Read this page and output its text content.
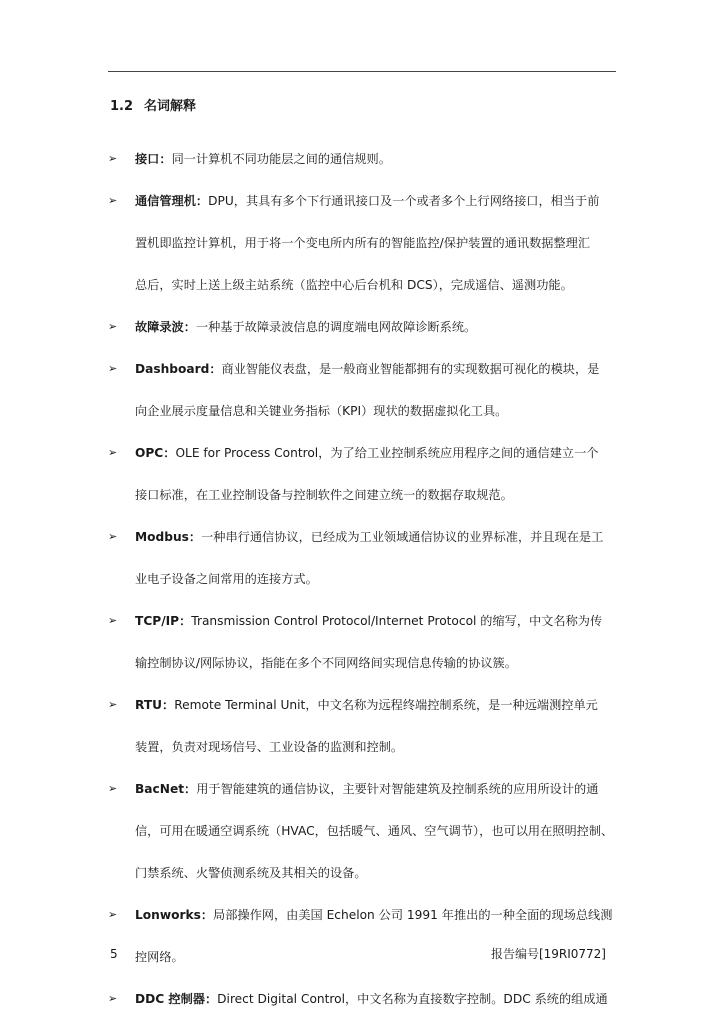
1.2 名词解释
➢	接口：同一计算机不同功能层之间的通信规则。
➢	通信管理机：DPU，其具有多个下行通讯接口及一个或者多个上行网络接口，相当于前
置机即监控计算机，用于将一个变电所内所有的智能监控/保护装置的通讯数据整理汇
总后，实时上送上级主站系统（监控中心后台机和 DCS），完成遥信、遥测功能。
➢	故障录波：一种基于故障录波信息的调度端电网故障诊断系统。
➢	Dashboard：商业智能仪表盘，是一般商业智能都拥有的实现数据可视化的模块，是
向企业展示度量信息和关键业务指标（KPI）现状的数据虚拟化工具。
➢	OPC：OLE for Process Control，为了给工业控制系统应用程序之间的通信建立一个
接口标准，在工业控制设备与控制软件之间建立统一的数据存取规范。
➢	Modbus：一种串行通信协议，已经成为工业领域通信协议的业界标准，并且现在是工
业电子设备之间常用的连接方式。
➢	TCP/IP：Transmission Control Protocol/Internet Protocol 的缩写，中文名称为传
输控制协议/网际协议，指能在多个不同网络间实现信息传输的协议簇。
➢	RTU：Remote Terminal Unit，中文名称为远程终端控制系统，是一种远端测控单元
装置，负责对现场信号、工业设备的监测和控制。
➢	BacNet：用于智能建筑的通信协议，主要针对智能建筑及控制系统的应用所设计的通
信，可用在暖通空调系统（HVAC，包括暖气、通风、空气调节），也可以用在照明控制、
门禁系统、火警侦测系统及其相关的设备。
➢	Lonworks：局部操作网，由美国 Echelon 公司 1991 年推出的一种全面的现场总线测
控网络。
➢	DDC 控制器：Direct Digital Control，中文名称为直接数字控制。DDC 系统的组成通
5	报告编号[19RI0772]
